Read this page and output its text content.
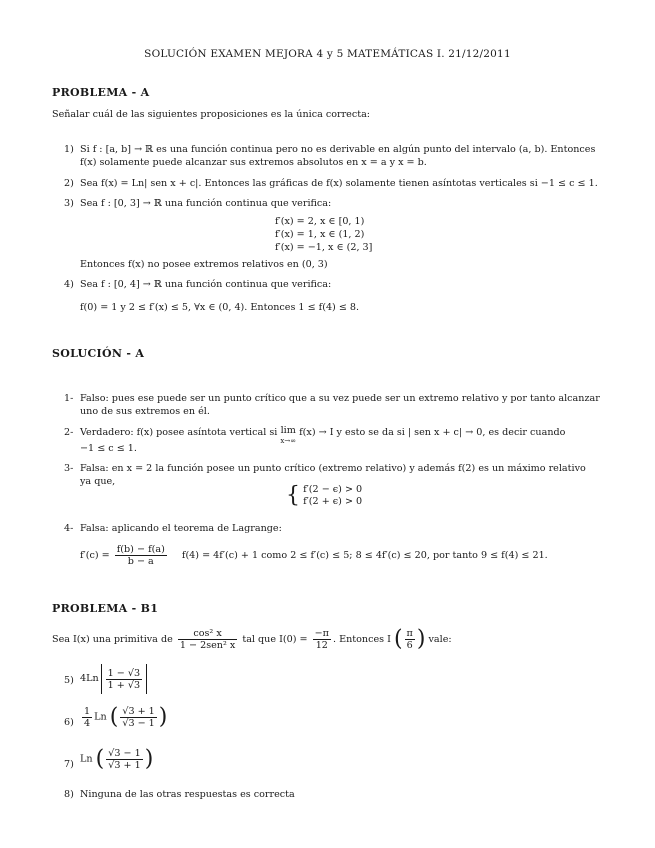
SOLUCIÓN EXAMEN MEJORA 4 y 5 MATEMÁTICAS I. 21/12/2011
PROBLEMA - A
Señalar cuál de las siguientes proposiciones es la única correcta:
1) Si f : [a, b] → ℝ es una función continua pero no es derivable en algún punto del intervalo (a, b). Entonces
f(x) solamente puede alcanzar sus extremos absolutos en x = a y x = b.
2) Sea f(x) = Ln| sen x + c|. Entonces las gráficas de f(x) solamente tienen asíntotas verticales si −1 ≤ c ≤ 1.
3) Sea f : [0, 3] → ℝ una función continua que verifica:
f′(x) = 2, x ∈ [0, 1)
f′(x) = 1, x ∈ (1, 2)
f′(x) = −1, x ∈ (2, 3]
Entonces f(x) no posee extremos relativos en (0, 3)
4) Sea f : [0, 4] → ℝ una función continua que verifica:
f(0) = 1 y 2 ≤ f′(x) ≤ 5, ∀x ∈ (0, 4). Entonces 1 ≤ f(4) ≤ 8.
SOLUCIÓN - A
1- Falso: pues ese puede ser un punto crítico que a su vez puede ser un extremo relativo y por tanto alcanzar
uno de sus extremos en él.
2- Verdadero: f(x) posee asíntota vertical si lim
x→∞
f(x) → I y esto se da si | sen x + c| → 0, es decir cuando
−1 ≤ c ≤ 1.
3- Falsa: en x = 2 la función posee un punto crítico (extremo relativo) y además f(2) es un máximo relativo
ya que,
{ f′(2 − ϵ) > 0
f′(2 + ϵ) > 0
4- Falsa: aplicando el teorema de Lagrange:
$f'(c) = \frac{f(b) - f(a)}{b - a} f(4) = 4f'(c) + 1$ como 2 ≤ f′(c) ≤ 5; 8 ≤ 4f′(c) ≤ 20, por tanto 9 ≤ f(4) ≤ 21.
PROBLEMA - B1
Sea I(x) una primitiva de $\frac{\text{cos² x}}{\text{1 − 2sen² x}}$ tal que $I(0) = \frac{-\pi}{12}$ . Entonces I ( $\frac{\pi}{6}$ ) vale:
5) $4Ln \frac{1 - √3}{1 + √3}$
$6) \frac{1}{4}$ Ln ( $\frac{√3 + 1}{√3 - 1}$ )
7) Ln ( $\frac{√3 - 1}{√3 + 1}$ )
8) Ninguna de las otras respuestas es correcta
